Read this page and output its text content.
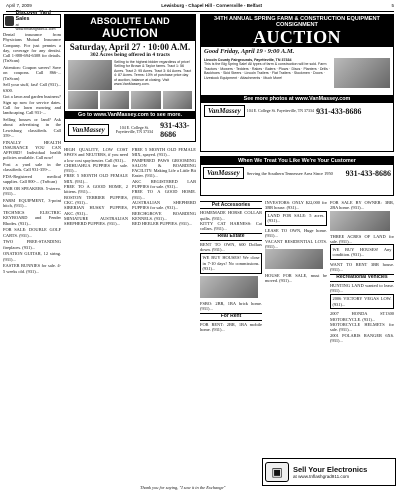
April 7, 2009	Lewisburg - Chapel Hill - Cornersville - Belfast	5
Discover Yard Sales
at www.tnflashgrad911.com

Dental insurance from Physicians Mutual Insurance Company. For just pennies a day, coverage for any dentist. Call 1-888-694-6308 for details. (TnScan)

Attention: Coupon savers! Save on coupons. Call 866-... (TnScan)

Sell your stuff, fast! Call (931)... 6300.

Got a lawn and garden business? Sign up now for service dates. Call for lawn mowing and landscaping. Call 931-...

Selling houses or land? Ask about advertising in the Lewisburg classifieds. Call 359-...

FINALLY HEALTH INSURANCE YOU CAN AFFORD! Individual health policies available. Call now!

Post a yard sale in the classifieds. Call 931-359-...

FDA-Registered medical supplies. Call 800-... (TnScan)

FAIR OR SPEAKERS. 5-stereo. (931)...

FARM EQUIPMENT, 3-point hitch, (931)...

TECHNICS ELECTRIC KEYBOARD and Fender Rhodes. (931)...

FOR SALE: DOUBLE GOLF CARTS. (931)...

TWO FREE-STANDING fireplaces. (931)...

ONATION GUITAR, 12 string. (931)...

EASTER BUNNIES for sale. 4-5 weeks old. (931)...

ABSOLUTE LAND AUCTION
Saturday, April 27 · 10:00 A.M.
302 Acres being offered in 4 tracts
Selling to the highest bidder regardless of price! Selling for Brown & Taylor farms. Tract 1: 56 Acres. Tract 2: 95 Acres. Tract 3: 64 Acres. Tract 4: 87 Acres. Terms: 10% of purchase price day of auction, balance at closing. Visit www.VanMassey.com.
Go to www.VanMassey.com to see more.
VanMassey	104 E. College St. Fayetteville, TN 37334
931-433-8686
34TH ANNUAL SPRING FARM & CONSTRUCTION EQUIPMENT CONSIGNMENT
AUCTION
Good Friday, April 19 · 9:00 A.M.
Lincoln County Fairgrounds, Fayetteville, TN 37334
This is the Big Spring Sale! All types of farm & construction will be sold. Farm Tractors · Mowers · Tedders · Rakes · Balers · Plows · Discs · Planters · Drills · Backhoes · Skid Steers · Lincoln Trailers · Flat Trailers · Stockmen · Doors · Livestock Equipment · Attachments · Much More!
See more photos at www.VanMassey.com
VanMassey	104 E. College St. Fayetteville, TN 37334 931-433-8686
When We Treat You Like We're Your Customer
VanMassey	Serving the Southern Tennessee Area Since 1950	931-433-8686

HIGH QUALITY, LOW COST SPAYS and NEUTERS, if you need a low cost spay/neuter. Call (931)...

CHIHUAHUA PUPPIES for sale. (931)...

FREE 5 MONTH OLD FEMALE MIX. (931)...

FREE TO A GOOD HOME, 2 kittens. (931)...

BOSTON TERRIER PUPPIES, CKC. (931)...

SIBERIAN HUSKY PUPPIES, AKC. (931)...

MINIATURE AUSTRALIAN SHEPHERD PUPPIES. (931)...

FREE 5 MONTH OLD FEMALE MIX, spayed. (931)...

PAMPERED PAWS GROOMING SALON & BOARDING FACILITY: Making Life a Little Bit Easier. (931)...

AKC REGISTERED LAB PUPPIES for sale. (931)...

FREE TO A GOOD HOME. (931)...

AUSTRALIAN SHEPHERD PUPPIES for sale. (931)...

BEECHGROVE BOARDING KENNELS. (931)...

RED HEELER PUPPIES. (931)...

Pet Accessories

HOMEMADE HORSE COLLAR quilts. (931)...

KITTY CAT HARNESS: Cat collars. (931)...

Real Estate

RENT TO OWN, 600 Dollars down. (931)...

WE BUY HOUSES! We close in 7-10 days! No commissions. (931)...

FSBO: 2BR, 1BA brick home. (931)...

For Rent

FOR RENT: 2BR, 1BA mobile home. (931)...

INVESTORS: ONLY $22,000 for 3BR house. (931)...

LAND FOR SALE: 5 acres. (931)...

LEASE TO OWN, Huge home. (931)...

VACANT RESIDENTIAL LOTS. (931)...

HOUSE FOR SALE, must be moved. (931)...

FOR SALE BY OWNER: 3BR, 2BA home. (931)...

THREE ACRES OF LAND for sale. (931)...

WE BUY HOUSES! Any condition. (931)...

WANT TO RENT 3BR house. (931)...

Recreational Vehicles

HUNTING LAND wanted to lease. (931)...

2006 VICTORY VEGAS LOW. (931)...

2007 HONDA ST1300 MOTORCYCLE. (931)...

MOTORCYCLE HELMETS for sale. (931)...

2001 POLARIS RANGER 6X6. (931)...

▣	Sell Your Electronics
at www.tnflashgrad911.com
Thank you for saying, "I saw it in the Exchange"
